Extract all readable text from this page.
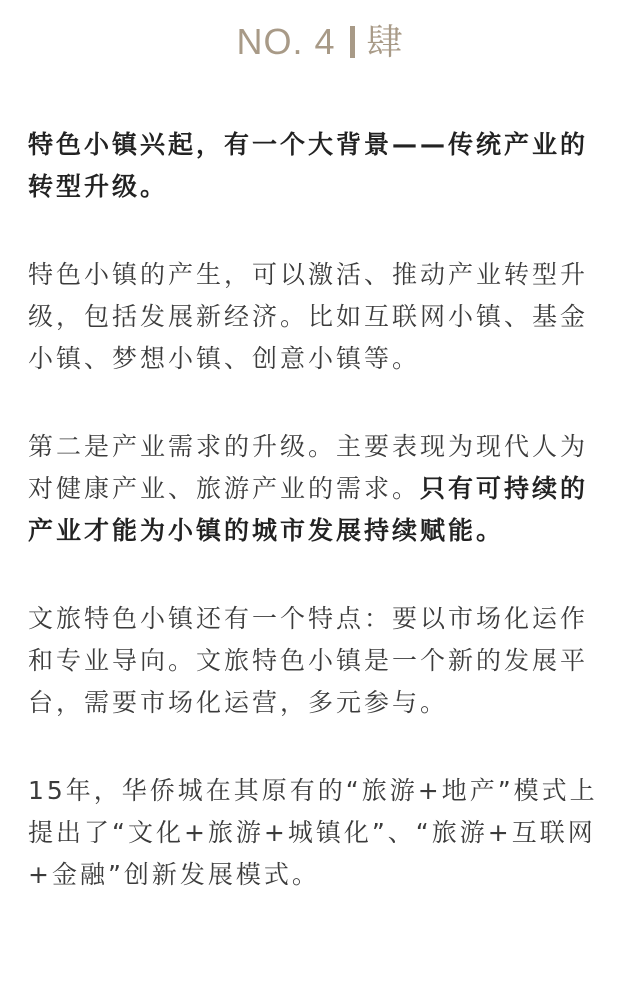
NO. 4 肆

特色小镇兴起，有一个大背景——传统产业的转型升级。

特色小镇的产生，可以激活、推动产业转型升级，包括发展新经济。比如互联网小镇、基金小镇、梦想小镇、创意小镇等。

第二是产业需求的升级。主要表现为现代人为对健康产业、旅游产业的需求。只有可持续的产业才能为小镇的城市发展持续赋能。

文旅特色小镇还有一个特点：要以市场化运作和专业导向。文旅特色小镇是一个新的发展平台，需要市场化运营，多元参与。

15年，华侨城在其原有的“旅游+地产”模式上提出了“文化+旅游+城镇化”、“旅游+互联网+金融”创新发展模式。
